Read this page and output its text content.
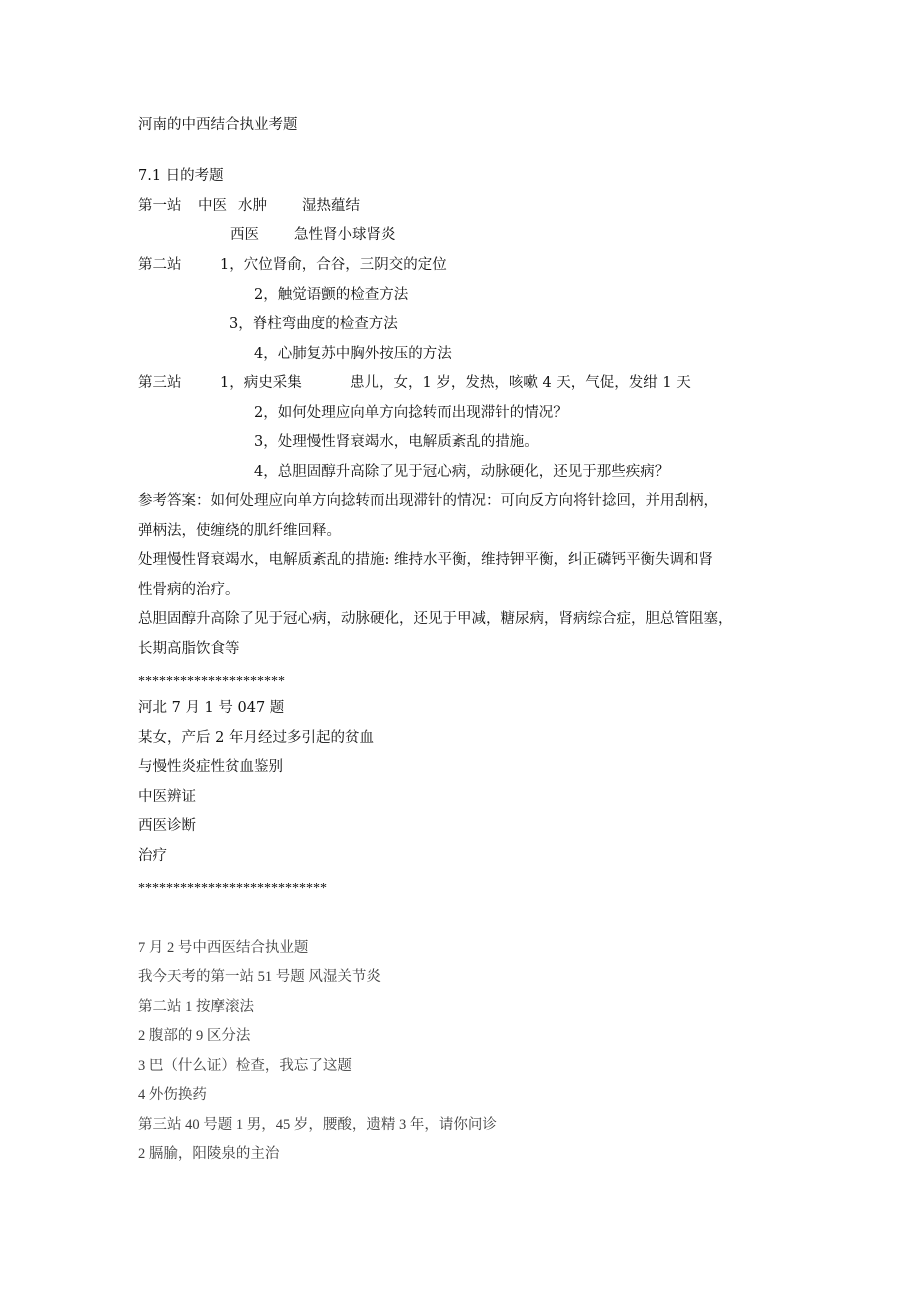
河南的中西结合执业考题
7.1 日的考题
第一站 中医 水肿 湿热蕴结
西医 急性肾小球肾炎
第二站	1，穴位肾俞，合谷，三阴交的定位
2，触觉语颤的检查方法
3，脊柱弯曲度的检查方法
4，心肺复苏中胸外按压的方法
第三站	1，病史采集	患儿，女，1 岁，发热，咳嗽 4 天，气促，发绀 1 天
2，如何处理应向单方向捻转而出现滞针的情况？
3，处理慢性肾衰竭水，电解质紊乱的措施。
4，总胆固醇升高除了见于冠心病，动脉硬化，还见于那些疾病？
参考答案：如何处理应向单方向捻转而出现滞针的情况：可向反方向将针捻回，并用刮柄，
弹柄法，使缠绕的肌纤维回释。
处理慢性肾衰竭水，电解质紊乱的措施: 维持水平衡，维持钾平衡，纠正磷钙平衡失调和肾
性骨病的治疗。
总胆固醇升高除了见于冠心病，动脉硬化，还见于甲减，糖尿病，肾病综合症，胆总管阻塞，
长期高脂饮食等
*********************
河北 7 月 1 号 047 题
某女，产后 2 年月经过多引起的贫血
与慢性炎症性贫血鉴别
中医辨证
西医诊断
治疗
***************************
7 月 2 号中西医结合执业题
我今天考的第一站 51 号题 风湿关节炎
第二站 1 按摩滚法
2 腹部的 9 区分法
3 巴（什么证）检查，我忘了这题
4 外伤换药
第三站 40 号题 1 男，45 岁，腰酸，遗精 3 年，请你问诊
2 膈腧，阳陵泉的主治
